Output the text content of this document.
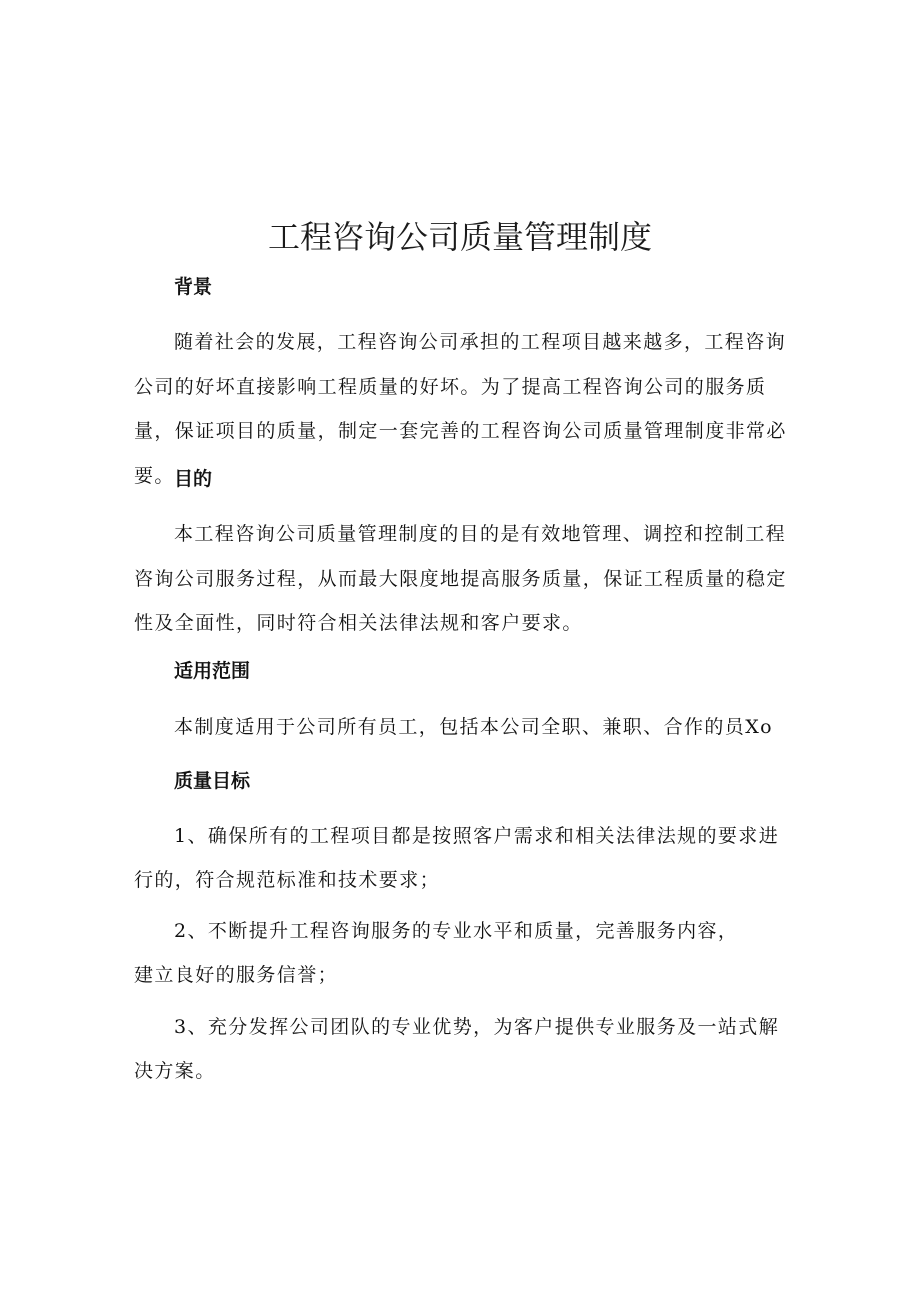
工程咨询公司质量管理制度
背景

随着社会的发展，工程咨询公司承担的工程项目越来越多，工程咨询公司的好坏直接影响工程质量的好坏。为了提高工程咨询公司的服务质量，保证项目的质量，制定一套完善的工程咨询公司质量管理制度非常必要。 目的

本工程咨询公司质量管理制度的目的是有效地管理、调控和控制工程咨询公司服务过程，从而最大限度地提高服务质量，保证工程质量的稳定性及全面性，同时符合相关法律法规和客户要求。

适用范围

本制度适用于公司所有员工，包括本公司全职、兼职、合作的员Xo

质量目标

1、确保所有的工程项目都是按照客户需求和相关法律法规的要求进行的，符合规范标准和技术要求；

2、不断提升工程咨询服务的专业水平和质量，完善服务内容，建立良好的服务信誉；

3、充分发挥公司团队的专业优势，为客户提供专业服务及一站式解决方案。
